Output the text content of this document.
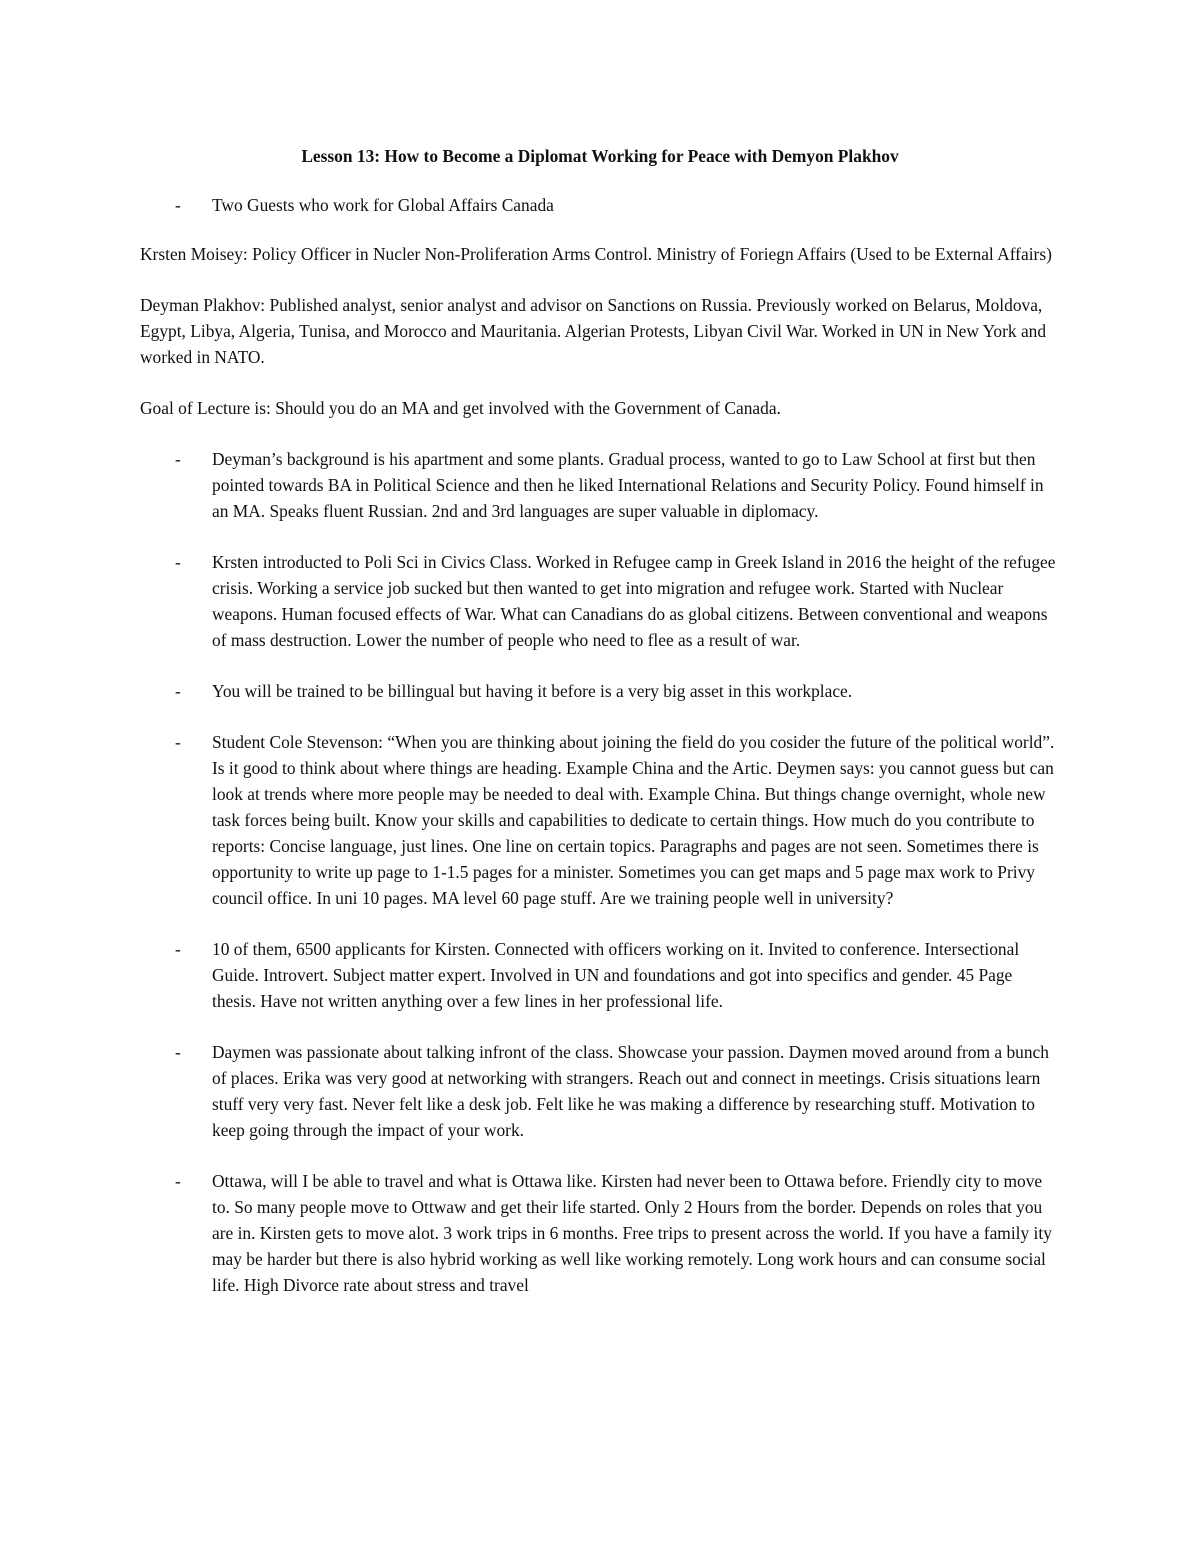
Lesson 13: How to Become a Diplomat Working for Peace with Demyon Plakhov
- Two Guests who work for Global Affairs Canada

Krsten Moisey: Policy Officer in Nucler Non-Proliferation Arms Control. Ministry of Foriegn Affairs (Used to be External Affairs)

Deyman Plakhov: Published analyst, senior analyst and advisor on Sanctions on Russia. Previously worked on Belarus, Moldova, Egypt, Libya, Algeria, Tunisa, and Morocco and Mauritania. Algerian Protests, Libyan Civil War. Worked in UN in New York and worked in NATO.

Goal of Lecture is: Should you do an MA and get involved with the Government of Canada.

- Deyman’s background is his apartment and some plants. Gradual process, wanted to go to Law School at first but then pointed towards BA in Political Science and then he liked International Relations and Security Policy. Found himself in an MA. Speaks fluent Russian. 2nd and 3rd languages are super valuable in diplomacy.
- Krsten introducted to Poli Sci in Civics Class. Worked in Refugee camp in Greek Island in 2016 the height of the refugee crisis. Working a service job sucked but then wanted to get into migration and refugee work. Started with Nuclear weapons. Human focused effects of War. What can Canadians do as global citizens. Between conventional and weapons of mass destruction. Lower the number of people who need to flee as a result of war.
- You will be trained to be billingual but having it before is a very big asset in this workplace.
- Student Cole Stevenson: “When you are thinking about joining the field do you cosider the future of the political world”. Is it good to think about where things are heading. Example China and the Artic. Deymen says: you cannot guess but can look at trends where more people may be needed to deal with. Example China. But things change overnight, whole new task forces being built. Know your skills and capabilities to dedicate to certain things. How much do you contribute to reports: Concise language, just lines. One line on certain topics. Paragraphs and pages are not seen. Sometimes there is opportunity to write up page to 1-1.5 pages for a minister. Sometimes you can get maps and 5 page max work to Privy council office. In uni 10 pages. MA level 60 page stuff. Are we training people well in university?
- 10 of them, 6500 applicants for Kirsten. Connected with officers working on it. Invited to conference. Intersectional Guide. Introvert. Subject matter expert. Involved in UN and foundations and got into specifics and gender. 45 Page thesis. Have not written anything over a few lines in her professional life.
- Daymen was passionate about talking infront of the class. Showcase your passion. Daymen moved around from a bunch of places. Erika was very good at networking with strangers. Reach out and connect in meetings. Crisis situations learn stuff very very fast. Never felt like a desk job. Felt like he was making a difference by researching stuff. Motivation to keep going through the impact of your work.
- Ottawa, will I be able to travel and what is Ottawa like. Kirsten had never been to Ottawa before. Friendly city to move to. So many people move to Ottwaw and get their life started. Only 2 Hours from the border. Depends on roles that you are in. Kirsten gets to move alot. 3 work trips in 6 months. Free trips to present across the world. If you have a family ity may be harder but there is also hybrid working as well like working remotely. Long work hours and can consume social life. High Divorce rate about stress and travel
